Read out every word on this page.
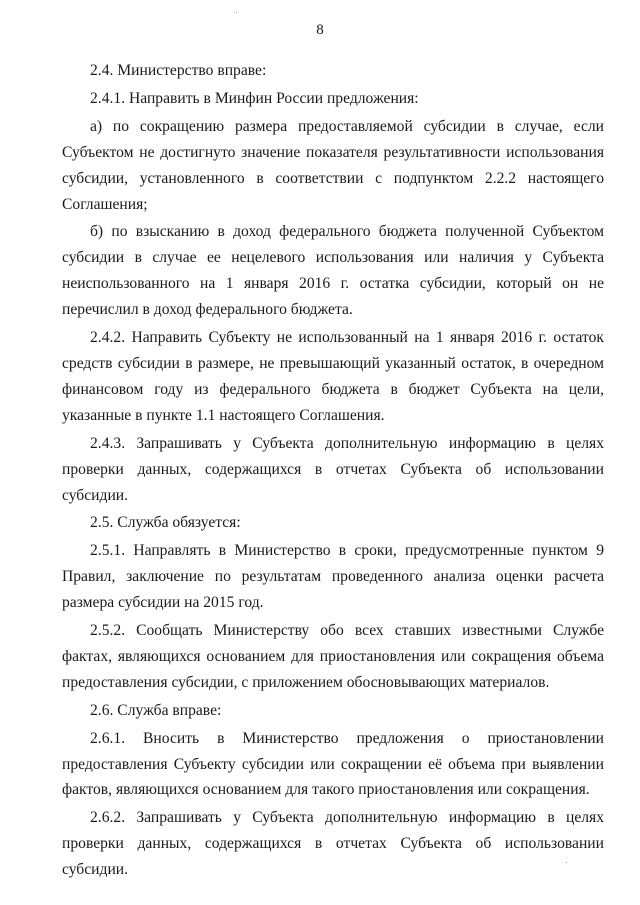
8

2.4. Министерство вправе:

2.4.1. Направить в Минфин России предложения:

а) по сокращению размера предоставляемой субсидии в случае, если Субъектом не достигнуто значение показателя результативности использования субсидии, установленного в соответствии с подпунктом 2.2.2 настоящего Соглашения;

б) по взысканию в доход федерального бюджета полученной Субъектом субсидии в случае ее нецелевого использования или наличия у Субъекта неиспользованного на 1 января 2016 г. остатка субсидии, который он не перечислил в доход федерального бюджета.

2.4.2. Направить Субъекту не использованный на 1 января 2016 г. остаток средств субсидии в размере, не превышающий указанный остаток, в очередном финансовом году из федерального бюджета в бюджет Субъекта на цели, указанные в пункте 1.1 настоящего Соглашения.

2.4.3. Запрашивать у Субъекта дополнительную информацию в целях проверки данных, содержащихся в отчетах Субъекта об использовании субсидии.

2.5. Служба обязуется:

2.5.1. Направлять в Министерство в сроки, предусмотренные пунктом 9 Правил, заключение по результатам проведенного анализа оценки расчета размера субсидии на 2015 год.

2.5.2. Сообщать Министерству обо всех ставших известными Службе фактах, являющихся основанием для приостановления или сокращения объема предоставления субсидии, с приложением обосновывающих материалов.

2.6. Служба вправе:

2.6.1. Вносить в Министерство предложения о приостановлении предоставления Субъекту субсидии или сокращении её объема при выявлении фактов, являющихся основанием для такого приостановления или сокращения.

2.6.2. Запрашивать у Субъекта дополнительную информацию в целях проверки данных, содержащихся в отчетах Субъекта об использовании субсидии.
